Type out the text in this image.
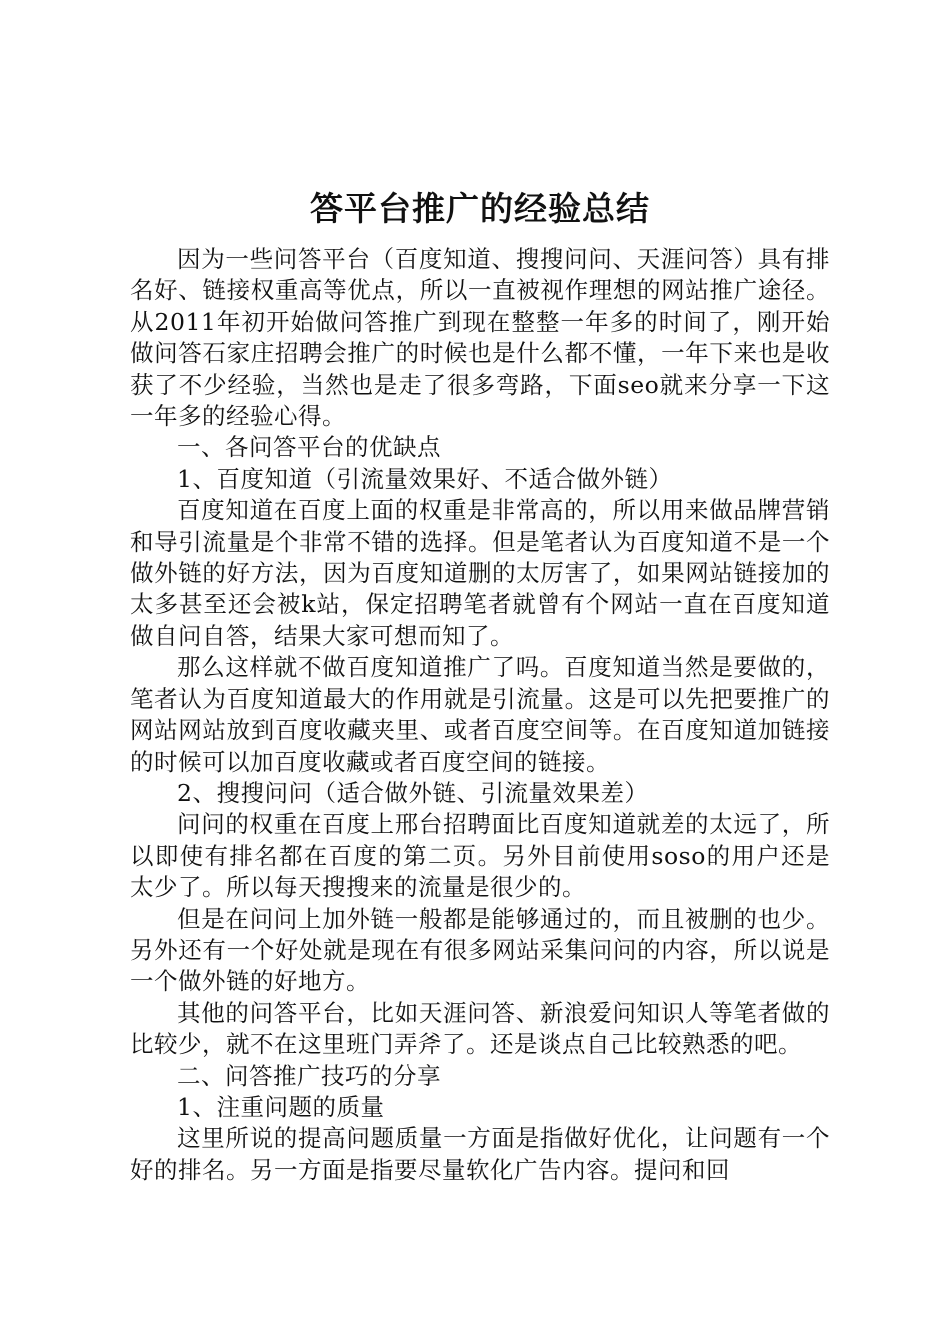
答平台推广的经验总结

因为一些问答平台（百度知道、搜搜问问、天涯问答）具有排名好、链接权重高等优点，所以一直被视作理想的网站推广途径。从2011年初开始做问答推广到现在整整一年多的时间了，刚开始做问答石家庄招聘会推广的时候也是什么都不懂，一年下来也是收获了不少经验，当然也是走了很多弯路，下面seo就来分享一下这一年多的经验心得。

一、各问答平台的优缺点

1、百度知道（引流量效果好、不适合做外链）

百度知道在百度上面的权重是非常高的，所以用来做品牌营销和导引流量是个非常不错的选择。但是笔者认为百度知道不是一个做外链的好方法，因为百度知道删的太厉害了，如果网站链接加的太多甚至还会被k站，保定招聘笔者就曾有个网站一直在百度知道做自问自答，结果大家可想而知了。

那么这样就不做百度知道推广了吗。百度知道当然是要做的，笔者认为百度知道最大的作用就是引流量。这是可以先把要推广的网站网站放到百度收藏夹里、或者百度空间等。在百度知道加链接的时候可以加百度收藏或者百度空间的链接。

2、搜搜问问（适合做外链、引流量效果差）

问问的权重在百度上邢台招聘面比百度知道就差的太远了，所以即使有排名都在百度的第二页。另外目前使用soso的用户还是太少了。所以每天搜搜来的流量是很少的。

但是在问问上加外链一般都是能够通过的，而且被删的也少。另外还有一个好处就是现在有很多网站采集问问的内容，所以说是一个做外链的好地方。

其他的问答平台，比如天涯问答、新浪爱问知识人等笔者做的比较少，就不在这里班门弄斧了。还是谈点自己比较熟悉的吧。

二、问答推广技巧的分享

1、注重问题的质量

这里所说的提高问题质量一方面是指做好优化，让问题有一个好的排名。另一方面是指要尽量软化广告内容。提问和回
